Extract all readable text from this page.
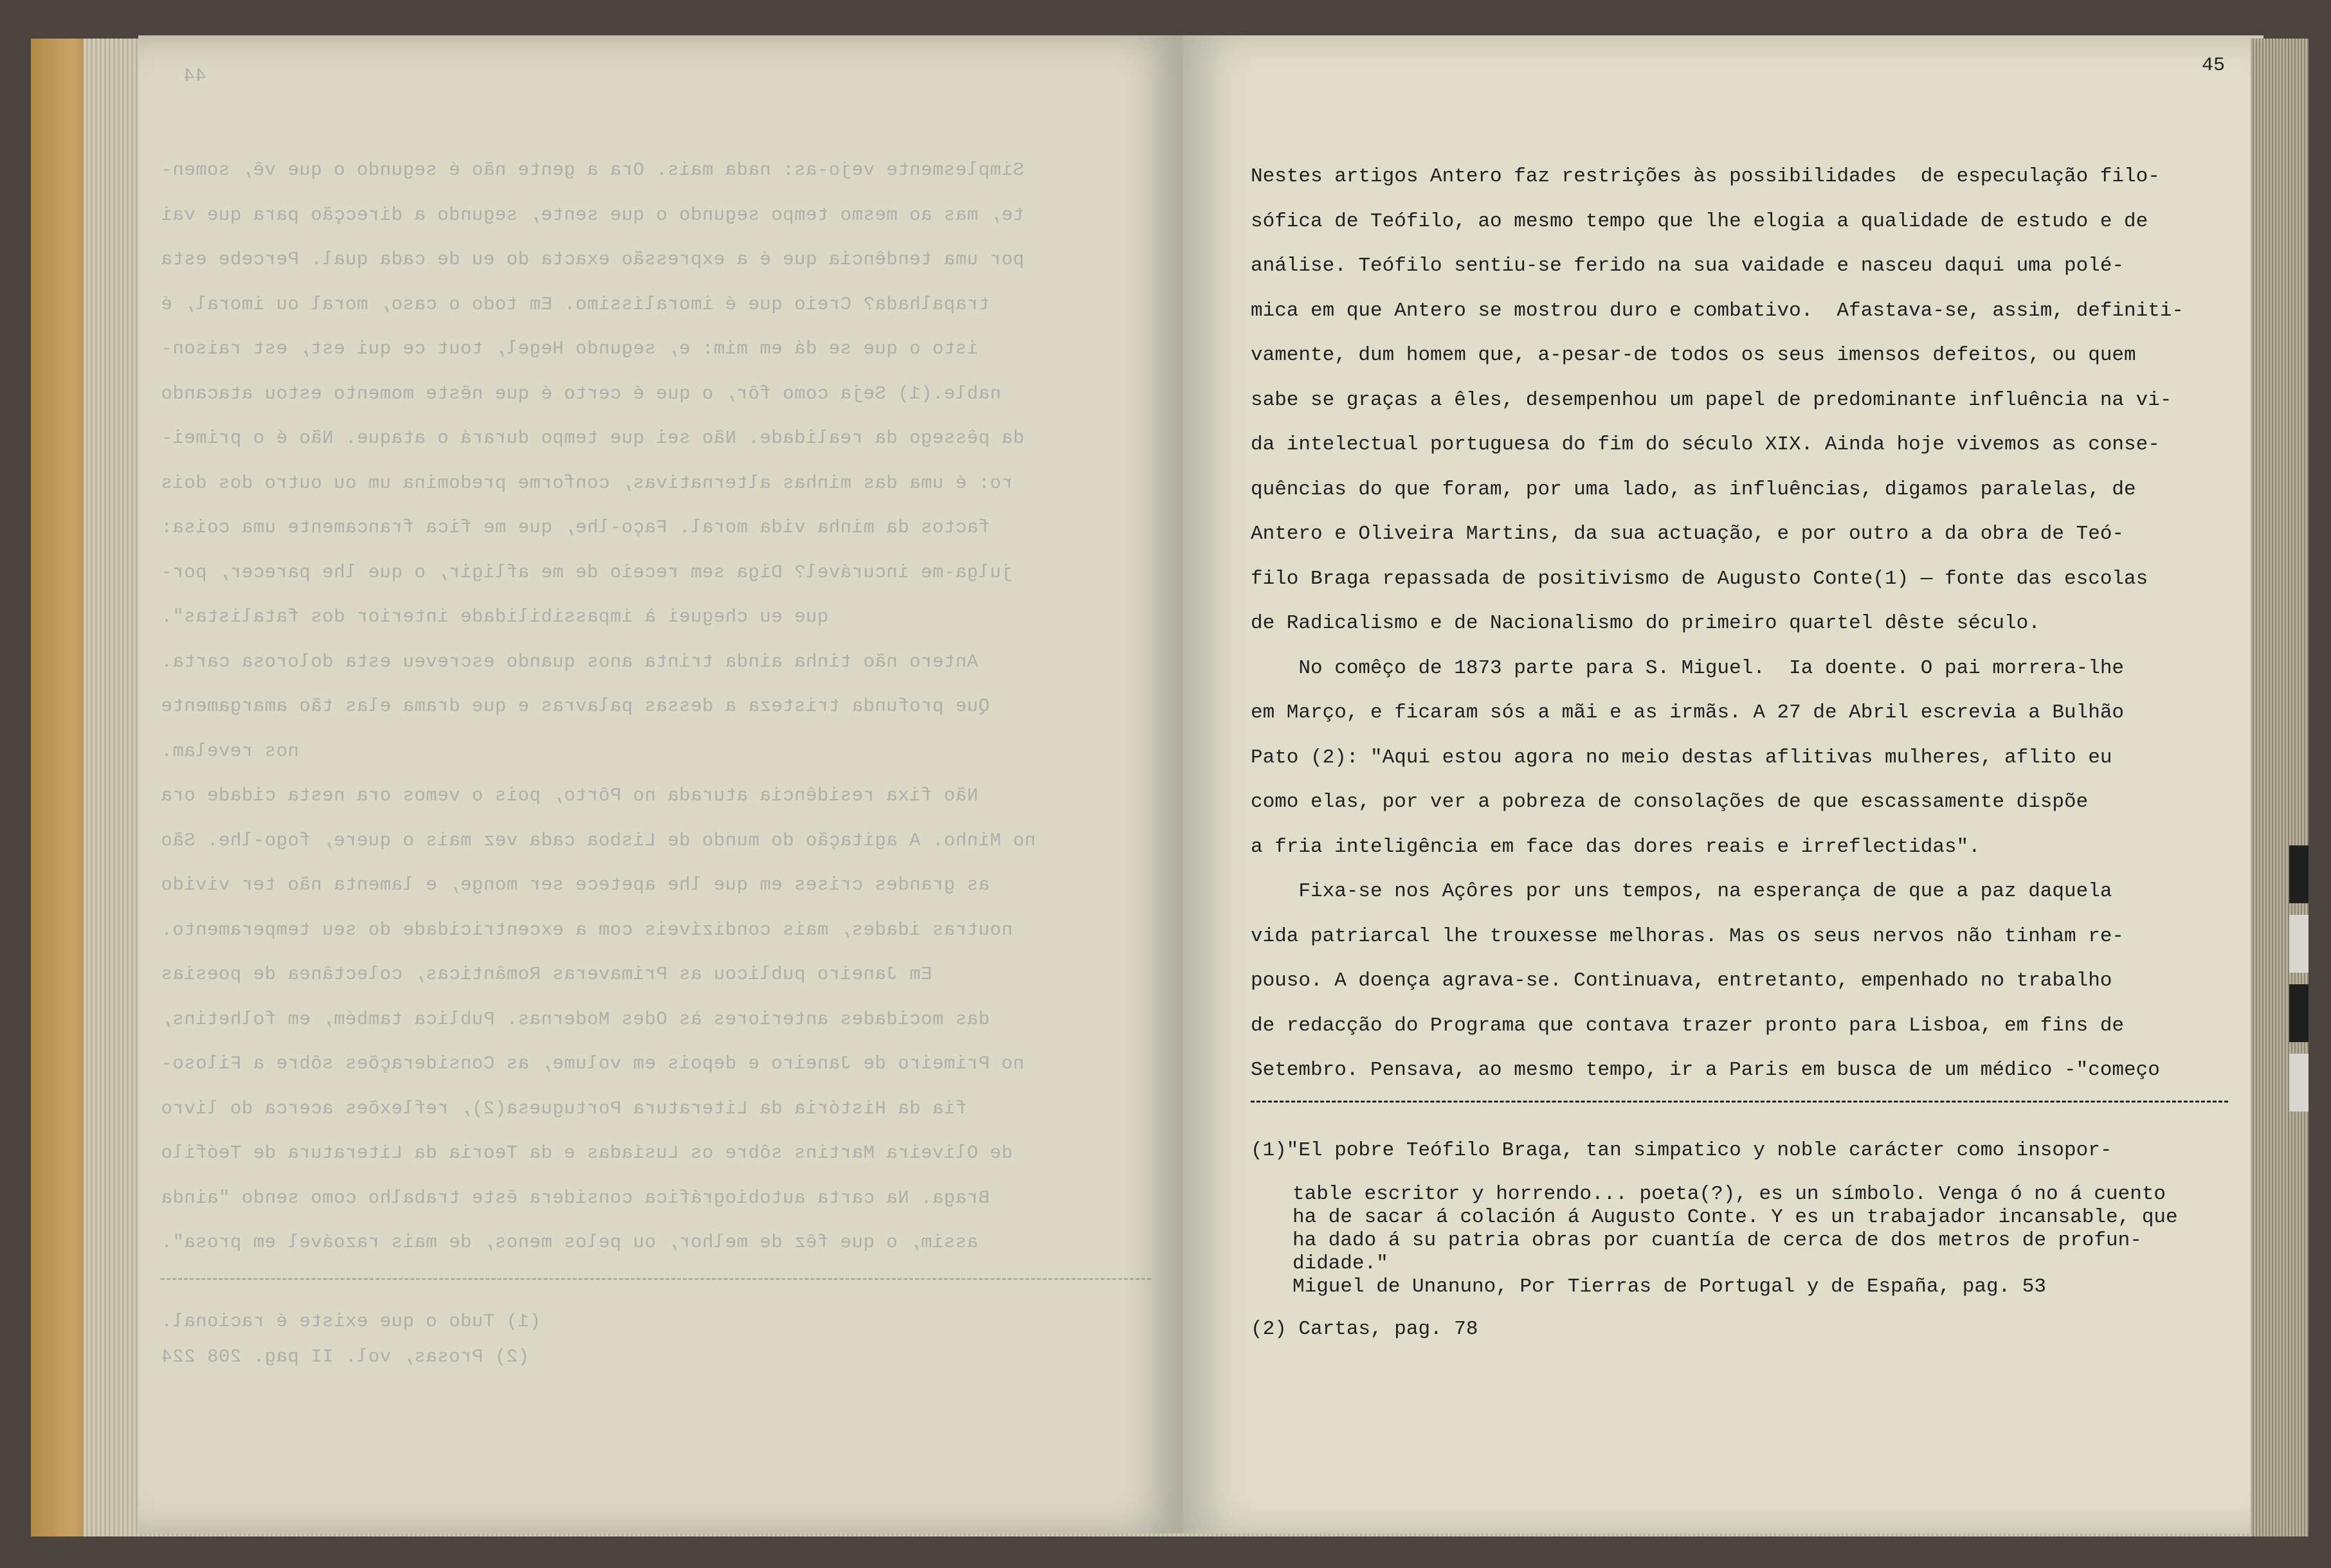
44
Simplesmente vejo-as: nada mais. Ora a gente não é segundo o que vê, somen-
te, mas ao mesmo tempo segundo o que sente, segundo a direcção para que vai
por uma tendência que é a expressão exacta do eu de cada qual. Percebe esta
trapalhada? Creio que é imoralíssimo. Em todo o caso, moral ou imoral, é
isto o que se dá em mim: e, segundo Hegel, tout ce qui est, est raison-
nable.(1) Seja como fôr, o que é certo é que nêste momento estou atacando
da pêssego da realidade. Não sei que tempo durará o ataque. Não é o primei-
ro: é uma das minhas alternativas, conforme predomina um ou outro dos dois
factos da minha vida moral. Faço-lhe, que me fica francamente uma coisa:
julga-me incurável? Diga sem receio de me afligir, o que lhe parecer, por-
que eu cheguei à impassibilidade interior dos fatalistas".
Antero não tinha ainda trinta anos quando escreveu esta dolorosa carta.
Que profunda tristeza a dessas palavras e que drama elas tão amargamente
nos revelam.
Não fixa residência aturada no Pôrto, pois o vemos ora nesta cidade ora
no Minho. A agitação do mundo de Lisboa cada vez mais o quere, fogo-lhe. São
as grandes crises em que lhe apetece ser monge, e lamenta não ter vivido
noutras idades, mais condizíveis com a excentricidade do seu temperamento.
Em Janeiro publicou as Primaveras Românticas, colectânea de poesias
das mocidades anteriores às Odes Modernas. Publica também, em folhetins,
no Primeiro de Janeiro e depois em volume, as Considerações sôbre a Filoso-
fia da História da Literatura Portuguesa(2), reflexões acerca do livro
de Oliveira Martins sôbre os Lusíadas e da Teoria da Literatura de Teófilo
Braga. Na carta autobiográfica considera êste trabalho como sendo "ainda
assim, o que fêz de melhor, ou pelos menos, de mais razoável em prosa".
(1) Tudo o que existe é racional.
(2) Prosas, vol. II pag. 208 224
45
Nestes artigos Antero faz restrições às possibilidades  de especulação filo-
sófica de Teófilo, ao mesmo tempo que lhe elogia a qualidade de estudo e de
análise. Teófilo sentiu-se ferido na sua vaidade e nasceu daqui uma polé-
mica em que Antero se mostrou duro e combativo.  Afastava-se, assim, definiti-
vamente, dum homem que, a-pesar-de todos os seus imensos defeitos, ou quem
sabe se graças a êles, desempenhou um papel de predominante influência na vi-
da intelectual portuguesa do fim do século XIX. Ainda hoje vivemos as conse-
quências do que foram, por uma lado, as influências, digamos paralelas, de
Antero e Oliveira Martins, da sua actuação, e por outro a da obra de Teó-
filo Braga repassada de positivismo de Augusto Conte(1) — fonte das escolas
de Radicalismo e de Nacionalismo do primeiro quartel dêste século.
No comêço de 1873 parte para S. Miguel.  Ia doente. O pai morrera-lhe
em Março, e ficaram sós a mãi e as irmãs. A 27 de Abril escrevia a Bulhão
Pato (2): "Aqui estou agora no meio destas aflitivas mulheres, aflito eu
como elas, por ver a pobreza de consolações de que escassamente dispõe
a fria inteligência em face das dores reais e irreflectidas".
Fixa-se nos Açôres por uns tempos, na esperança de que a paz daquela
vida patriarcal lhe trouxesse melhoras. Mas os seus nervos não tinham re-
pouso. A doença agrava-se. Continuava, entretanto, empenhado no trabalho
de redacção do Programa que contava trazer pronto para Lisboa, em fins de
Setembro. Pensava, ao mesmo tempo, ir a Paris em busca de um médico -"começo
(1)"El pobre Teófilo Braga, tan simpatico y noble carácter como insopor-
table escritor y horrendo... poeta(?), es un símbolo. Venga ó no á cuento
ha de sacar á colación á Augusto Conte. Y es un trabajador incansable, que
ha dado á su patria obras por cuantía de cerca de dos metros de profun-
didade."
Miguel de Unanuno, Por Tierras de Portugal y de España, pag. 53
(2) Cartas, pag. 78
